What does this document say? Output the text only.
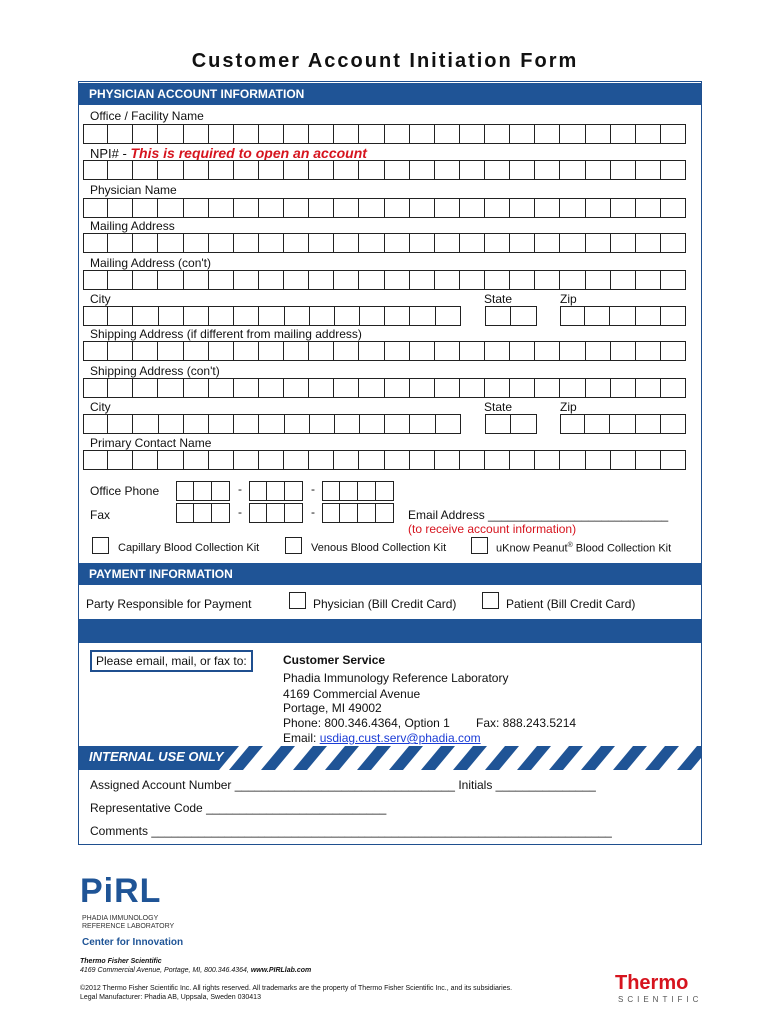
Customer Account Initiation Form
PHYSICIAN ACCOUNT INFORMATION
Office / Facility Name
NPI# - This is required to open an account
Physician Name
Mailing Address
Mailing Address (con't)
City	State	Zip
Shipping Address (if different from mailing address)
Shipping Address (con't)
City	State	Zip
Primary Contact Name
Office Phone	-	-
Fax	-	-	Email Address ___________________________
(to receive account information)
Capillary Blood Collection Kit	Venous Blood Collection Kit	uKnow Peanut® Blood Collection Kit
PAYMENT INFORMATION
Party Responsible for Payment	Physician (Bill Credit Card)	Patient (Bill Credit Card)
Please email, mail, or fax to:	Customer Service
Phadia Immunology Reference Laboratory
4169 Commercial Avenue
Portage, MI 49002
Phone: 800.346.4364, Option 1 Fax: 888.243.5214
Email: usdiag.cust.serv@phadia.com
INTERNAL USE ONLY
Assigned Account Number _________________________________ Initials _______________
Representative Code ___________________________
Comments _____________________________________________________________________
PiRL
PHADIA IMMUNOLOGY
REFERENCE LABORATORY
Center for Innovation
Thermo Fisher Scientific
4169 Commercial Avenue, Portage, MI, 800.346.4364, www.PIRLlab.com
©2012 Thermo Fisher Scientific Inc. All rights reserved. All trademarks are the property of Thermo Fisher Scientific Inc., and its subsidiaries.
Legal Manufacturer: Phadia AB, Uppsala, Sweden 030413
Thermo
SCIENTIFIC
